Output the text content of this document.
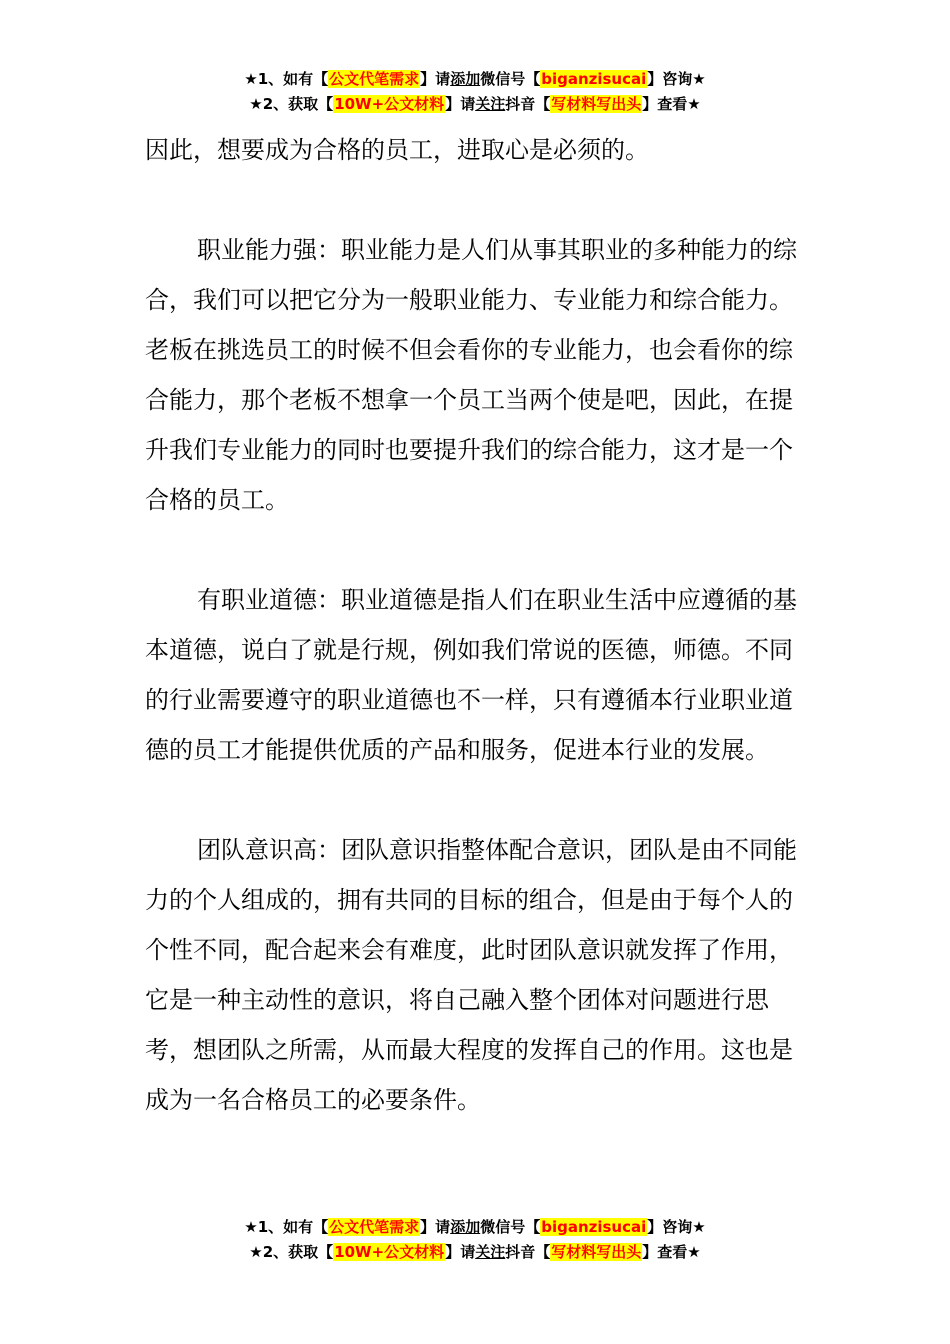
★1、如有【公文代笔需求】请添加微信号【biganzisucai】咨询★
★2、获取【10W+公文材料】请关注抖音【写材料写出头】查看★

因此，想要成为合格的员工，进取心是必须的。

职业能力强：职业能力是人们从事其职业的多种能力的综合，我们可以把它分为一般职业能力、专业能力和综合能力。老板在挑选员工的时候不但会看你的专业能力，也会看你的综合能力，那个老板不想拿一个员工当两个使是吧，因此，在提升我们专业能力的同时也要提升我们的综合能力，这才是一个合格的员工。

有职业道德：职业道德是指人们在职业生活中应遵循的基本道德，说白了就是行规，例如我们常说的医德，师德。不同的行业需要遵守的职业道德也不一样，只有遵循本行业职业道德的员工才能提供优质的产品和服务，促进本行业的发展。

团队意识高：团队意识指整体配合意识，团队是由不同能力的个人组成的，拥有共同的目标的组合，但是由于每个人的个性不同，配合起来会有难度，此时团队意识就发挥了作用，它是一种主动性的意识，将自己融入整个团体对问题进行思考，想团队之所需，从而最大程度的发挥自己的作用。这也是成为一名合格员工的必要条件。

★1、如有【公文代笔需求】请添加微信号【biganzisucai】咨询★
★2、获取【10W+公文材料】请关注抖音【写材料写出头】查看★
